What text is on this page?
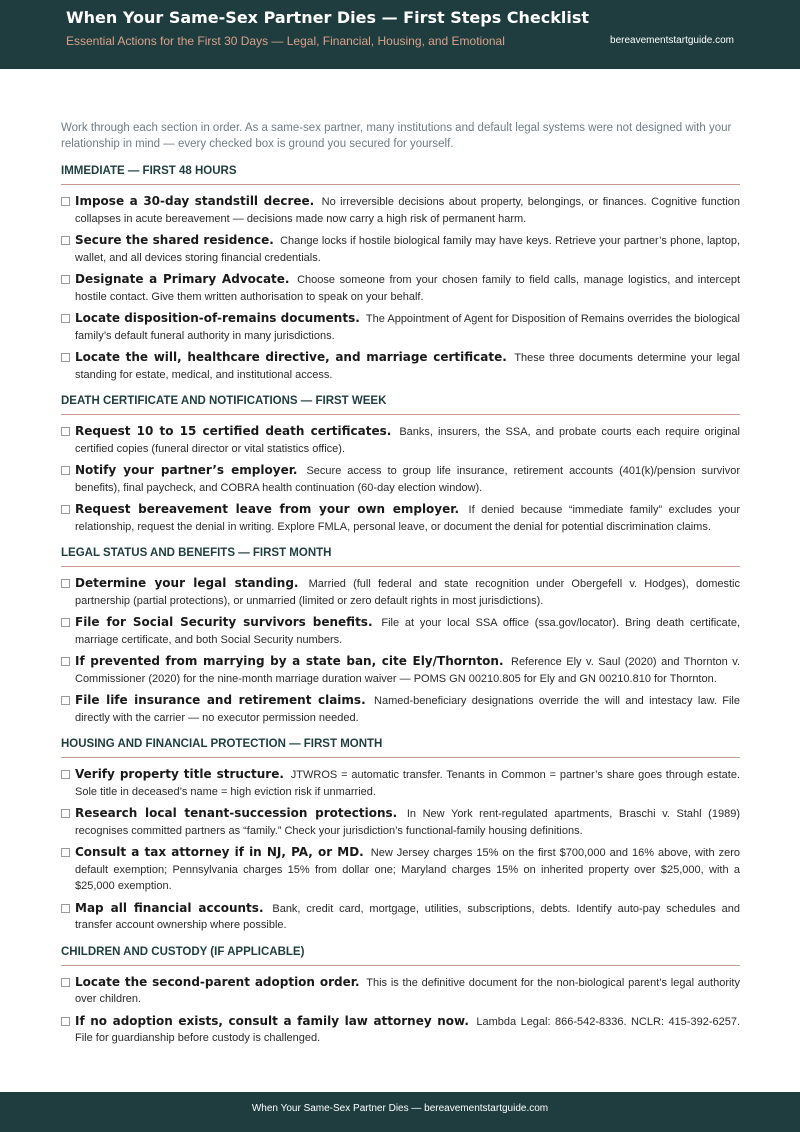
When Your Same-Sex Partner Dies — First Steps Checklist
Essential Actions for the First 30 Days — Legal, Financial, Housing, and Emotional	bereavementstartguide.com

Work through each section in order. As a same-sex partner, many institutions and default legal systems were not designed with your relationship in mind — every checked box is ground you secured for yourself.

IMMEDIATE — FIRST 48 HOURS
Impose a 30-day standstill decree. No irreversible decisions about property, belongings, or finances. Cognitive function collapses in acute bereavement — decisions made now carry a high risk of permanent harm.
Secure the shared residence. Change locks if hostile biological family may have keys. Retrieve your partner’s phone, laptop, wallet, and all devices storing financial credentials.
Designate a Primary Advocate. Choose someone from your chosen family to field calls, manage logistics, and intercept hostile contact. Give them written authorisation to speak on your behalf.
Locate disposition-of-remains documents. The Appointment of Agent for Disposition of Remains overrides the biological family’s default funeral authority in many jurisdictions.
Locate the will, healthcare directive, and marriage certificate. These three documents determine your legal standing for estate, medical, and institutional access.
DEATH CERTIFICATE AND NOTIFICATIONS — FIRST WEEK
Request 10 to 15 certified death certificates. Banks, insurers, the SSA, and probate courts each require original certified copies (funeral director or vital statistics office).
Notify your partner’s employer. Secure access to group life insurance, retirement accounts (401(k)/pension survivor benefits), final paycheck, and COBRA health continuation (60-day election window).
Request bereavement leave from your own employer. If denied because “immediate family” excludes your relationship, request the denial in writing. Explore FMLA, personal leave, or document the denial for potential discrimination claims.
LEGAL STATUS AND BENEFITS — FIRST MONTH
Determine your legal standing. Married (full federal and state recognition under Obergefell v. Hodges), domestic partnership (partial protections), or unmarried (limited or zero default rights in most jurisdictions).
File for Social Security survivors benefits. File at your local SSA office (ssa.gov/locator). Bring death certificate, marriage certificate, and both Social Security numbers.
If prevented from marrying by a state ban, cite Ely/Thornton. Reference Ely v. Saul (2020) and Thornton v. Commissioner (2020) for the nine-month marriage duration waiver — POMS GN 00210.805 for Ely and GN 00210.810 for Thornton.
File life insurance and retirement claims. Named-beneficiary designations override the will and intestacy law. File directly with the carrier — no executor permission needed.
HOUSING AND FINANCIAL PROTECTION — FIRST MONTH
Verify property title structure. JTWROS = automatic transfer. Tenants in Common = partner’s share goes through estate. Sole title in deceased’s name = high eviction risk if unmarried.
Research local tenant-succession protections. In New York rent-regulated apartments, Braschi v. Stahl (1989) recognises committed partners as “family.” Check your jurisdiction’s functional-family housing definitions.
Consult a tax attorney if in NJ, PA, or MD. New Jersey charges 15% on the first $700,000 and 16% above, with zero default exemption; Pennsylvania charges 15% from dollar one; Maryland charges 15% on inherited property over $25,000, with a $25,000 exemption.
Map all financial accounts. Bank, credit card, mortgage, utilities, subscriptions, debts. Identify auto-pay schedules and transfer account ownership where possible.
CHILDREN AND CUSTODY (IF APPLICABLE)
Locate the second-parent adoption order. This is the definitive document for the non-biological parent’s legal authority over children.
If no adoption exists, consult a family law attorney now. Lambda Legal: 866-542-8336. NCLR: 415-392-6257. File for guardianship before custody is challenged.
When Your Same-Sex Partner Dies — bereavementstartguide.com
